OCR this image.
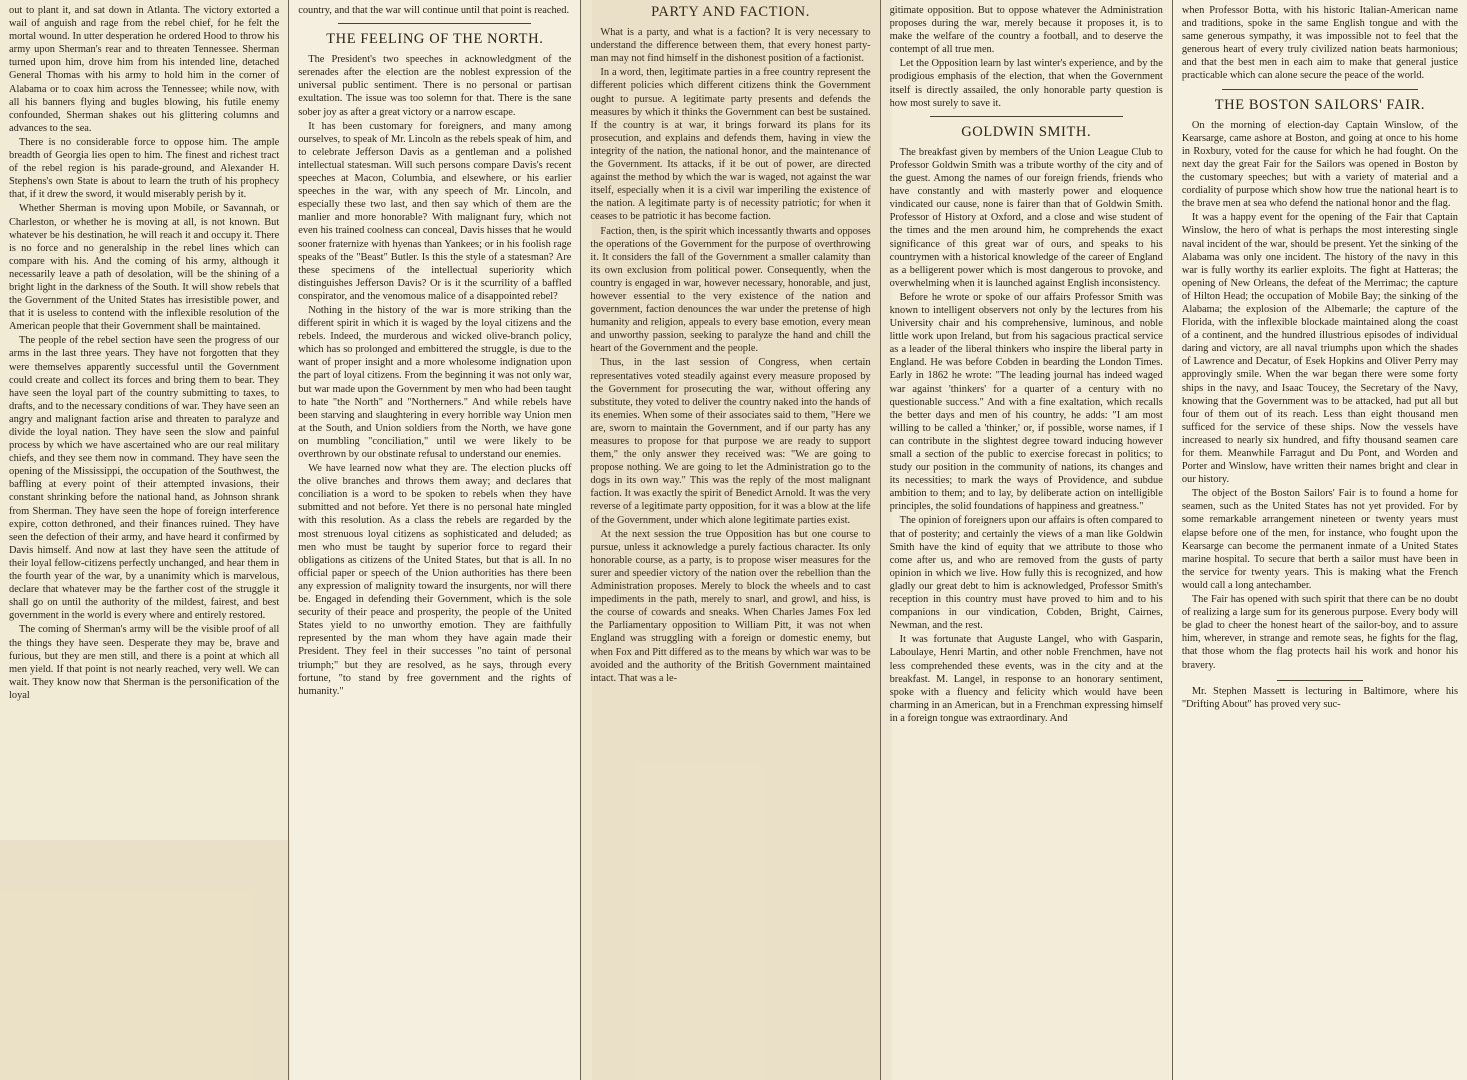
out to plant it, and sat down in Atlanta. The victory extorted a wail of anguish and rage from the rebel chief, for he felt the mortal wound. In utter desperation he ordered Hood to throw his army upon Sherman's rear and to threaten Tennessee. Sherman turned upon him, drove him from his intended line, detached General Thomas with his army to hold him in the corner of Alabama or to coax him across the Tennessee; while now, with all his banners flying and bugles blowing, his futile enemy confounded, Sherman shakes out his glittering columns and advances to the sea.

There is no considerable force to oppose him. The ample breadth of Georgia lies open to him. The finest and richest tract of the rebel region is his parade-ground, and Alexander H. Stephens's own State is about to learn the truth of his prophecy that, if it drew the sword, it would miserably perish by it.

Whether Sherman is moving upon Mobile, or Savannah, or Charleston, or whether he is moving at all, is not known. But whatever be his destination, he will reach it and occupy it. There is no force and no generalship in the rebel lines which can compare with his. And the coming of his army, although it necessarily leave a path of desolation, will be the shining of a bright light in the darkness of the South. It will show rebels that the Government of the United States has irresistible power, and that it is useless to contend with the inflexible resolution of the American people that their Government shall be maintained.

The people of the rebel section have seen the progress of our arms in the last three years. They have not forgotten that they were themselves apparently successful until the Government could create and collect its forces and bring them to bear. They have seen the loyal part of the country submitting to taxes, to drafts, and to the necessary conditions of war. They have seen an angry and malignant faction arise and threaten to paralyze and divide the loyal nation. They have seen the slow and painful process by which we have ascertained who are our real military chiefs, and they see them now in command. They have seen the opening of the Mississippi, the occupation of the Southwest, the baffling at every point of their attempted invasions, their constant shrinking before the national hand, as Johnson shrank from Sherman. They have seen the hope of foreign interference expire, cotton dethroned, and their finances ruined. They have seen the defection of their army, and have heard it confirmed by Davis himself. And now at last they have seen the attitude of their loyal fellow-citizens perfectly unchanged, and hear them in the fourth year of the war, by a unanimity which is marvelous, declare that whatever may be the farther cost of the struggle it shall go on until the authority of the mildest, fairest, and best government in the world is every where and entirely restored.

The coming of Sherman's army will be the visible proof of all the things they have seen. Desperate they may be, brave and furious, but they are men still, and there is a point at which all men yield. If that point is not nearly reached, very well. We can wait. They know now that Sherman is the personification of the loyal

country, and that the war will continue until that point is reached.

THE FEELING OF THE NORTH.

The President's two speeches in acknowledgment of the serenades after the election are the noblest expression of the universal public sentiment. There is no personal or partisan exultation. The issue was too solemn for that. There is the sane sober joy as after a great victory or a narrow escape.

It has been customary for foreigners, and many among ourselves, to speak of Mr. Lincoln as the rebels speak of him, and to celebrate Jefferson Davis as a gentleman and a polished intellectual statesman. Will such persons compare Davis's recent speeches at Macon, Columbia, and elsewhere, or his earlier speeches in the war, with any speech of Mr. Lincoln, and especially these two last, and then say which of them are the manlier and more honorable? With malignant fury, which not even his trained coolness can conceal, Davis hisses that he would sooner fraternize with hyenas than Yankees; or in his foolish rage speaks of the "Beast" Butler. Is this the style of a statesman? Are these specimens of the intellectual superiority which distinguishes Jefferson Davis? Or is it the scurrility of a baffled conspirator, and the venomous malice of a disappointed rebel?

Nothing in the history of the war is more striking than the different spirit in which it is waged by the loyal citizens and the rebels. Indeed, the murderous and wicked olive-branch policy, which has so prolonged and embittered the struggle, is due to the want of proper insight and a more wholesome indignation upon the part of loyal citizens. From the beginning it was not only war, but war made upon the Government by men who had been taught to hate "the North" and "Northerners." And while rebels have been starving and slaughtering in every horrible way Union men at the South, and Union soldiers from the North, we have gone on mumbling "conciliation," until we were likely to be overthrown by our obstinate refusal to understand our enemies.

We have learned now what they are. The election plucks off the olive branches and throws them away; and declares that conciliation is a word to be spoken to rebels when they have submitted and not before. Yet there is no personal hate mingled with this resolution. As a class the rebels are regarded by the most strenuous loyal citizens as sophisticated and deluded; as men who must be taught by superior force to regard their obligations as citizens of the United States, but that is all. In no official paper or speech of the Union authorities has there been any expression of malignity toward the insurgents, nor will there be. Engaged in defending their Government, which is the sole security of their peace and prosperity, the people of the United States yield to no unworthy emotion. They are faithfully represented by the man whom they have again made their President. They feel in their successes "no taint of personal triumph;" but they are resolved, as he says, through every fortune, "to stand by free government and the rights of humanity."

PARTY AND FACTION.

What is a party, and what is a faction? It is very necessary to understand the difference between them, that every honest party-man may not find himself in the dishonest position of a factionist.

In a word, then, legitimate parties in a free country represent the different policies which different citizens think the Government ought to pursue. A legitimate party presents and defends the measures by which it thinks the Government can best be sustained. If the country is at war, it brings forward its plans for its prosecution, and explains and defends them, having in view the integrity of the nation, the national honor, and the maintenance of the Government. Its attacks, if it be out of power, are directed against the method by which the war is waged, not against the war itself, especially when it is a civil war imperiling the existence of the nation. A legitimate party is of necessity patriotic; for when it ceases to be patriotic it has become faction.

Faction, then, is the spirit which incessantly thwarts and opposes the operations of the Government for the purpose of overthrowing it. It considers the fall of the Government a smaller calamity than its own exclusion from political power. Consequently, when the country is engaged in war, however necessary, honorable, and just, however essential to the very existence of the nation and government, faction denounces the war under the pretense of high humanity and religion, appeals to every base emotion, every mean and unworthy passion, seeking to paralyze the hand and chill the heart of the Government and the people.

Thus, in the last session of Congress, when certain representatives voted steadily against every measure proposed by the Government for prosecuting the war, without offering any substitute, they voted to deliver the country naked into the hands of its enemies. When some of their associates said to them, "Here we are, sworn to maintain the Government, and if our party has any measures to propose for that purpose we are ready to support them," the only answer they received was: "We are going to propose nothing. We are going to let the Administration go to the dogs in its own way." This was the reply of the most malignant faction. It was exactly the spirit of Benedict Arnold. It was the very reverse of a legitimate party opposition, for it was a blow at the life of the Government, under which alone legitimate parties exist.

At the next session the true Opposition has but one course to pursue, unless it acknowledge a purely factious character. Its only honorable course, as a party, is to propose wiser measures for the surer and speedier victory of the nation over the rebellion than the Administration proposes. Merely to block the wheels and to cast impediments in the path, merely to snarl, and growl, and hiss, is the course of cowards and sneaks. When Charles James Fox led the Parliamentary opposition to William Pitt, it was not when England was struggling with a foreign or domestic enemy, but when Fox and Pitt differed as to the means by which war was to be avoided and the authority of the British Government maintained intact. That was a le-

gitimate opposition. But to oppose whatever the Administration proposes during the war, merely because it proposes it, is to make the welfare of the country a football, and to deserve the contempt of all true men.

Let the Opposition learn by last winter's experience, and by the prodigious emphasis of the election, that when the Government itself is directly assailed, the only honorable party question is how most surely to save it.

GOLDWIN SMITH.

The breakfast given by members of the Union League Club to Professor Goldwin Smith was a tribute worthy of the city and of the guest. Among the names of our foreign friends, friends who have constantly and with masterly power and eloquence vindicated our cause, none is fairer than that of Goldwin Smith. Professor of History at Oxford, and a close and wise student of the times and the men around him, he comprehends the exact significance of this great war of ours, and speaks to his countrymen with a historical knowledge of the career of England as a belligerent power which is most dangerous to provoke, and overwhelming when it is launched against English inconsistency.

Before he wrote or spoke of our affairs Professor Smith was known to intelligent observers not only by the lectures from his University chair and his comprehensive, luminous, and noble little work upon Ireland, but from his sagacious practical service as a leader of the liberal thinkers who inspire the liberal party in England. He was before Cobden in bearding the London Times. Early in 1862 he wrote: "The leading journal has indeed waged war against 'thinkers' for a quarter of a century with no questionable success." And with a fine exaltation, which recalls the better days and men of his country, he adds: "I am most willing to be called a 'thinker,' or, if possible, worse names, if I can contribute in the slightest degree toward inducing however small a section of the public to exercise forecast in politics; to study our position in the community of nations, its changes and its necessities; to mark the ways of Providence, and subdue ambition to them; and to lay, by deliberate action on intelligible principles, the solid foundations of happiness and greatness."

The opinion of foreigners upon our affairs is often compared to that of posterity; and certainly the views of a man like Goldwin Smith have the kind of equity that we attribute to those who come after us, and who are removed from the gusts of party opinion in which we live. How fully this is recognized, and how gladly our great debt to him is acknowledged, Professor Smith's reception in this country must have proved to him and to his companions in our vindication, Cobden, Bright, Cairnes, Newman, and the rest.

It was fortunate that Auguste Langel, who with Gasparin, Laboulaye, Henri Martin, and other noble Frenchmen, have not less comprehended these events, was in the city and at the breakfast. M. Langel, in response to an honorary sentiment, spoke with a fluency and felicity which would have been charming in an American, but in a Frenchman expressing himself in a foreign tongue was extraordinary. And

when Professor Botta, with his historic Italian-American name and traditions, spoke in the same English tongue and with the same generous sympathy, it was impossible not to feel that the generous heart of every truly civilized nation beats harmonious; and that the best men in each aim to make that general justice practicable which can alone secure the peace of the world.

THE BOSTON SAILORS' FAIR.

On the morning of election-day Captain Winslow, of the Kearsarge, came ashore at Boston, and going at once to his home in Roxbury, voted for the cause for which he had fought. On the next day the great Fair for the Sailors was opened in Boston by the customary speeches; but with a variety of material and a cordiality of purpose which show how true the national heart is to the brave men at sea who defend the national honor and the flag.

It was a happy event for the opening of the Fair that Captain Winslow, the hero of what is perhaps the most interesting single naval incident of the war, should be present. Yet the sinking of the Alabama was only one incident. The history of the navy in this war is fully worthy its earlier exploits. The fight at Hatteras; the opening of New Orleans, the defeat of the Merrimac; the capture of Hilton Head; the occupation of Mobile Bay; the sinking of the Alabama; the explosion of the Albemarle; the capture of the Florida, with the inflexible blockade maintained along the coast of a continent, and the hundred illustrious episodes of individual daring and victory, are all naval triumphs upon which the shades of Lawrence and Decatur, of Esek Hopkins and Oliver Perry may approvingly smile. When the war began there were some forty ships in the navy, and Isaac Toucey, the Secretary of the Navy, knowing that the Government was to be attacked, had put all but four of them out of its reach. Less than eight thousand men sufficed for the service of these ships. Now the vessels have increased to nearly six hundred, and fifty thousand seamen care for them. Meanwhile Farragut and Du Pont, and Worden and Porter and Winslow, have written their names bright and clear in our history.

The object of the Boston Sailors' Fair is to found a home for seamen, such as the United States has not yet provided. For by some remarkable arrangement nineteen or twenty years must elapse before one of the men, for instance, who fought upon the Kearsarge can become the permanent inmate of a United States marine hospital. To secure that berth a sailor must have been in the service for twenty years. This is making what the French would call a long antechamber.

The Fair has opened with such spirit that there can be no doubt of realizing a large sum for its generous purpose. Every body will be glad to cheer the honest heart of the sailor-boy, and to assure him, wherever, in strange and remote seas, he fights for the flag, that those whom the flag protects hail his work and honor his bravery.

Mr. Stephen Massett is lecturing in Baltimore, where his "Drifting About" has proved very suc-
